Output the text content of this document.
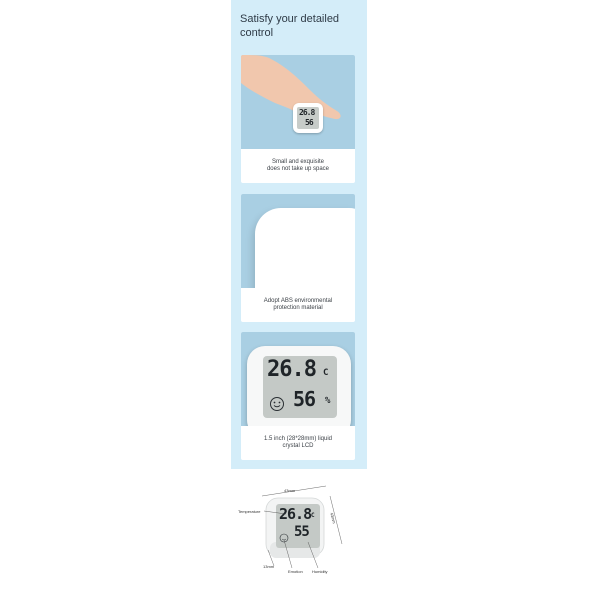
Satisfy your detailed control
26.8
56
Small and exquisite
does not take up space
Adopt ABS environmental
protection material
26.8 C
56 %
1.5 inch (28*28mm) liquid
crystal LCD
26.8 C
55
43mm
43mm
13mm
Temperature
Emotion Humidity
